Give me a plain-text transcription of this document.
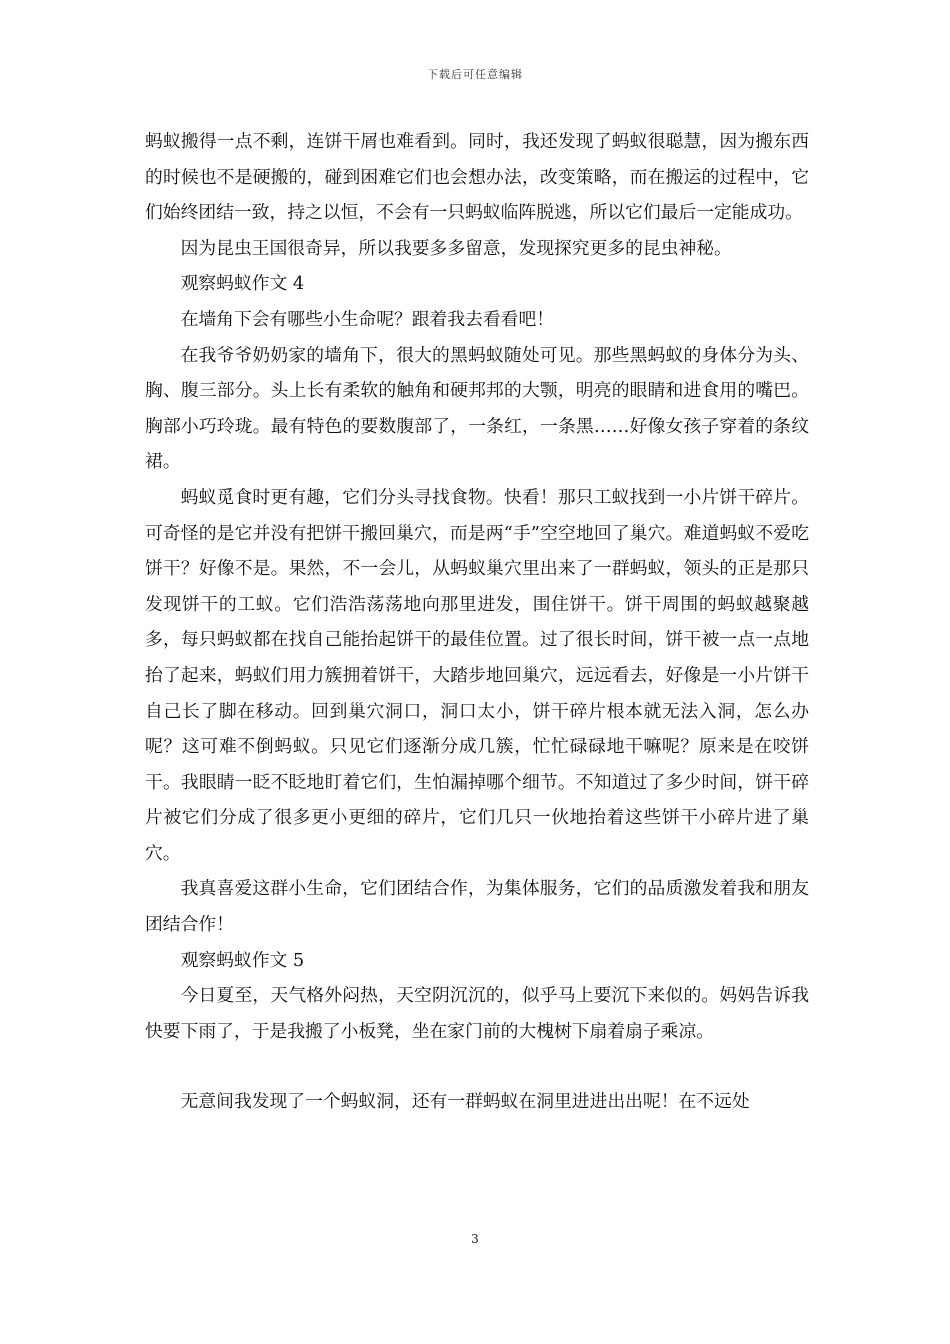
下载后可任意编辑

蚂蚁搬得一点不剩，连饼干屑也难看到。同时，我还发现了蚂蚁很聪慧，因为搬东西的时候也不是硬搬的，碰到困难它们也会想办法，改变策略，而在搬运的过程中，它们始终团结一致，持之以恒，不会有一只蚂蚁临阵脱逃，所以它们最后一定能成功。

因为昆虫王国很奇异，所以我要多多留意，发现探究更多的昆虫神秘。

观察蚂蚁作文 4

在墙角下会有哪些小生命呢？跟着我去看看吧！

在我爷爷奶奶家的墙角下，很大的黑蚂蚁随处可见。那些黑蚂蚁的身体分为头、胸、腹三部分。头上长有柔软的触角和硬邦邦的大颚，明亮的眼睛和进食用的嘴巴。胸部小巧玲珑。最有特色的要数腹部了，一条红，一条黑……好像女孩子穿着的条纹裙。

蚂蚁觅食时更有趣，它们分头寻找食物。快看！那只工蚁找到一小片饼干碎片。可奇怪的是它并没有把饼干搬回巢穴，而是两“手”空空地回了巢穴。难道蚂蚁不爱吃饼干？好像不是。果然，不一会儿，从蚂蚁巢穴里出来了一群蚂蚁，领头的正是那只发现饼干的工蚁。它们浩浩荡荡地向那里进发，围住饼干。饼干周围的蚂蚁越聚越多，每只蚂蚁都在找自己能抬起饼干的最佳位置。过了很长时间，饼干被一点一点地抬了起来，蚂蚁们用力簇拥着饼干，大踏步地回巢穴，远远看去，好像是一小片饼干自己长了脚在移动。回到巢穴洞口，洞口太小，饼干碎片根本就无法入洞，怎么办呢？这可难不倒蚂蚁。只见它们逐渐分成几簇，忙忙碌碌地干嘛呢？原来是在咬饼干。我眼睛一眨不眨地盯着它们，生怕漏掉哪个细节。不知道过了多少时间，饼干碎片被它们分成了很多更小更细的碎片，它们几只一伙地抬着这些饼干小碎片进了巢穴。

我真喜爱这群小生命，它们团结合作，为集体服务，它们的品质激发着我和朋友团结合作！

观察蚂蚁作文 5

今日夏至，天气格外闷热，天空阴沉沉的，似乎马上要沉下来似的。妈妈告诉我快要下雨了，于是我搬了小板凳，坐在家门前的大槐树下扇着扇子乘凉。

无意间我发现了一个蚂蚁洞，还有一群蚂蚁在洞里进进出出呢！在不远处

3
